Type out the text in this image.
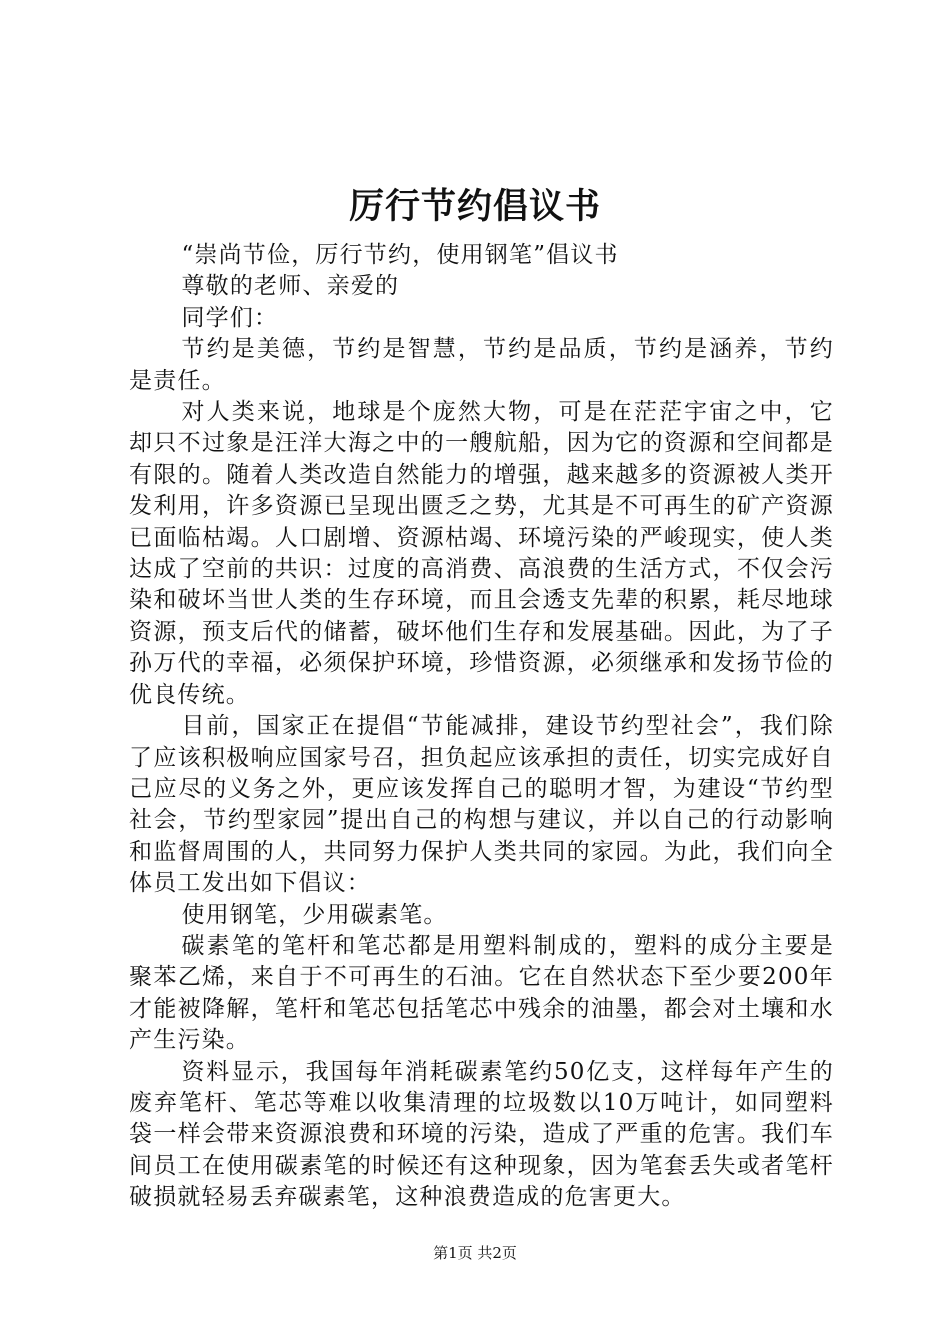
厉行节约倡议书

“崇尚节俭，厉行节约，使用钢笔”倡议书

尊敬的老师、亲爱的

同学们：

节约是美德，节约是智慧，节约是品质，节约是涵养，节约是责任。

对人类来说，地球是个庞然大物，可是在茫茫宇宙之中，它却只不过象是汪洋大海之中的一艘航船，因为它的资源和空间都是有限的。随着人类改造自然能力的增强，越来越多的资源被人类开发利用，许多资源已呈现出匮乏之势，尤其是不可再生的矿产资源已面临枯竭。人口剧增、资源枯竭、环境污染的严峻现实，使人类达成了空前的共识：过度的高消费、高浪费的生活方式，不仅会污染和破坏当世人类的生存环境，而且会透支先辈的积累，耗尽地球资源，预支后代的储蓄，破坏他们生存和发展基础。因此，为了子孙万代的幸福，必须保护环境，珍惜资源，必须继承和发扬节俭的优良传统。

目前，国家正在提倡“节能减排，建设节约型社会”，我们除了应该积极响应国家号召，担负起应该承担的责任，切实完成好自己应尽的义务之外，更应该发挥自己的聪明才智，为建设“节约型社会，节约型家园”提出自己的构想与建议，并以自己的行动影响和监督周围的人，共同努力保护人类共同的家园。为此，我们向全体员工发出如下倡议：

使用钢笔，少用碳素笔。

碳素笔的笔杆和笔芯都是用塑料制成的，塑料的成分主要是聚苯乙烯，来自于不可再生的石油。它在自然状态下至少要200年才能被降解，笔杆和笔芯包括笔芯中残余的油墨，都会对土壤和水产生污染。

资料显示，我国每年消耗碳素笔约50亿支，这样每年产生的废弃笔杆、笔芯等难以收集清理的垃圾数以10万吨计，如同塑料袋一样会带来资源浪费和环境的污染，造成了严重的危害。我们车间员工在使用碳素笔的时候还有这种现象，因为笔套丢失或者笔杆破损就轻易丢弃碳素笔，这种浪费造成的危害更大。

第1页 共2页
